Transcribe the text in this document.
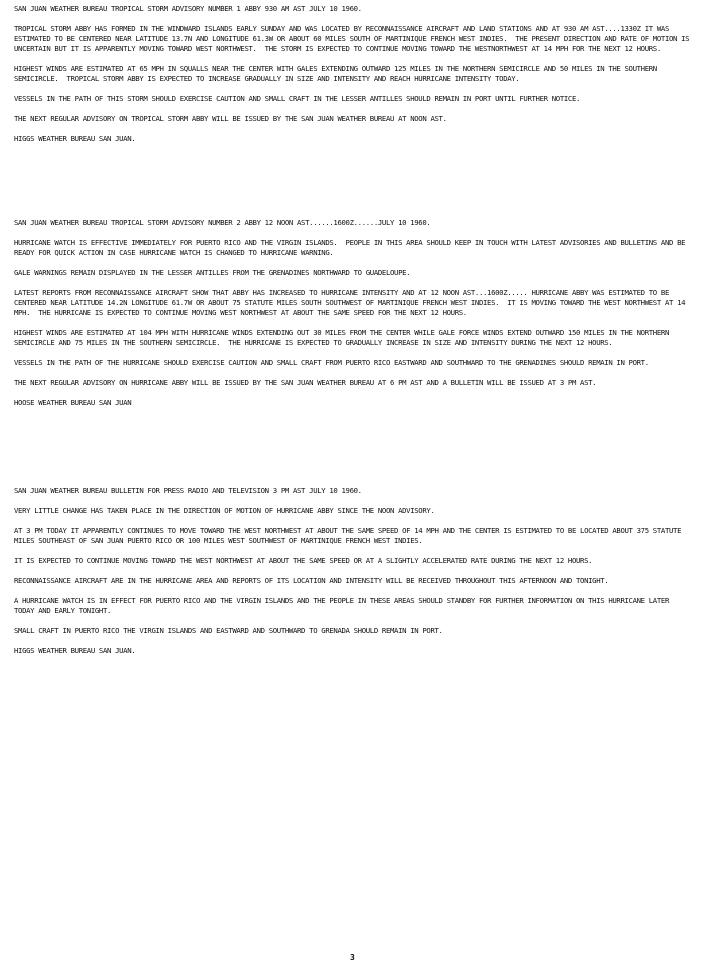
SAN JUAN WEATHER BUREAU TROPICAL STORM ADVISORY NUMBER 1 ABBY 930 AM AST JULY 10 1960.

TROPICAL STORM ABBY HAS FORMED IN THE WINDWARD ISLANDS EARLY SUNDAY AND WAS LOCATED BY RECONNAISSANCE AIRCRAFT AND LAND STATIONS AND AT 930 AM AST....1330Z IT WAS ESTIMATED TO BE CENTERED NEAR LATITUDE 13.7N AND LONGITUDE 61.3W OR ABOUT 60 MILES SOUTH OF MARTINIQUE FRENCH WEST INDIES.  THE PRESENT DIRECTION AND RATE OF MOTION IS UNCERTAIN BUT IT IS APPARENTLY MOVING TOWARD WEST NORTHWEST.  THE STORM IS EXPECTED TO CONTINUE MOVING TOWARD THE WESTNORTHWEST AT 14 MPH FOR THE NEXT 12 HOURS.

HIGHEST WINDS ARE ESTIMATED AT 65 MPH IN SQUALLS NEAR THE CENTER WITH GALES EXTENDING OUTWARD 125 MILES IN THE NORTHERN SEMICIRCLE AND 50 MILES IN THE SOUTHERN SEMICIRCLE.  TROPICAL STORM ABBY IS EXPECTED TO INCREASE GRADUALLY IN SIZE AND INTENSITY AND REACH HURRICANE INTENSITY TODAY.

VESSELS IN THE PATH OF THIS STORM SHOULD EXERCISE CAUTION AND SMALL CRAFT IN THE LESSER ANTILLES SHOULD REMAIN IN PORT UNTIL FURTHER NOTICE.

THE NEXT REGULAR ADVISORY ON TROPICAL STORM ABBY WILL BE ISSUED BY THE SAN JUAN WEATHER BUREAU AT NOON AST.

HIGGS WEATHER BUREAU SAN JUAN.

SAN JUAN WEATHER BUREAU TROPICAL STORM ADVISORY NUMBER 2 ABBY 12 NOON AST......1600Z......JULY 10 1960.

HURRICANE WATCH IS EFFECTIVE IMMEDIATELY FOR PUERTO RICO AND THE VIRGIN ISLANDS.  PEOPLE IN THIS AREA SHOULD KEEP IN TOUCH WITH LATEST ADVISORIES AND BULLETINS AND BE READY FOR QUICK ACTION IN CASE HURRICANE WATCH IS CHANGED TO HURRICANE WARNING.

GALE WARNINGS REMAIN DISPLAYED IN THE LESSER ANTILLES FROM THE GRENADINES NORTHWARD TO GUADELOUPE.

LATEST REPORTS FROM RECONNAISSANCE AIRCRAFT SHOW THAT ABBY HAS INCREASED TO HURRICANE INTENSITY AND AT 12 NOON AST...1600Z..... HURRICANE ABBY WAS ESTIMATED TO BE CENTERED NEAR LATITUDE 14.2N LONGITUDE 61.7W OR ABOUT 75 STATUTE MILES SOUTH SOUTHWEST OF MARTINIQUE FRENCH WEST INDIES.  IT IS MOVING TOWARD THE WEST NORTHWEST AT 14 MPH.  THE HURRICANE IS EXPECTED TO CONTINUE MOVING WEST NORTHWEST AT ABOUT THE SAME SPEED FOR THE NEXT 12 HOURS.

HIGHEST WINDS ARE ESTIMATED AT 104 MPH WITH HURRICANE WINDS EXTENDING OUT 30 MILES FROM THE CENTER WHILE GALE FORCE WINDS EXTEND OUTWARD 150 MILES IN THE NORTHERN SEMICIRCLE AND 75 MILES IN THE SOUTHERN SEMICIRCLE.  THE HURRICANE IS EXPECTED TO GRADUALLY INCREASE IN SIZE AND INTENSITY DURING THE NEXT 12 HOURS.

VESSELS IN THE PATH OF THE HURRICANE SHOULD EXERCISE CAUTION AND SMALL CRAFT FROM PUERTO RICO EASTWARD AND SOUTHWARD TO THE GRENADINES SHOULD REMAIN IN PORT.

THE NEXT REGULAR ADVISORY ON HURRICANE ABBY WILL BE ISSUED BY THE SAN JUAN WEATHER BUREAU AT 6 PM AST AND A BULLETIN WILL BE ISSUED AT 3 PM AST.

HOOSE WEATHER BUREAU SAN JUAN

SAN JUAN WEATHER BUREAU BULLETIN FOR PRESS RADIO AND TELEVISION 3 PM AST JULY 10 1960.

VERY LITTLE CHANGE HAS TAKEN PLACE IN THE DIRECTION OF MOTION OF HURRICANE ABBY SINCE THE NOON ADVISORY.

AT 3 PM TODAY IT APPARENTLY CONTINUES TO MOVE TOWARD THE WEST NORTHWEST AT ABOUT THE SAME SPEED OF 14 MPH AND THE CENTER IS ESTIMATED TO BE LOCATED ABOUT 375 STATUTE MILES SOUTHEAST OF SAN JUAN PUERTO RICO OR 100 MILES WEST SOUTHWEST OF MARTINIQUE FRENCH WEST INDIES.

IT IS EXPECTED TO CONTINUE MOVING TOWARD THE WEST NORTHWEST AT ABOUT THE SAME SPEED OR AT A SLIGHTLY ACCELERATED RATE DURING THE NEXT 12 HOURS.

RECONNAISSANCE AIRCRAFT ARE IN THE HURRICANE AREA AND REPORTS OF ITS LOCATION AND INTENSITY WILL BE RECEIVED THROUGHOUT THIS AFTERNOON AND TONIGHT.

A HURRICANE WATCH IS IN EFFECT FOR PUERTO RICO AND THE VIRGIN ISLANDS AND THE PEOPLE IN THESE AREAS SHOULD STANDBY FOR FURTHER INFORMATION ON THIS HURRICANE LATER TODAY AND EARLY TONIGHT.

SMALL CRAFT IN PUERTO RICO THE VIRGIN ISLANDS AND EASTWARD AND SOUTHWARD TO GRENADA SHOULD REMAIN IN PORT.

HIGGS WEATHER BUREAU SAN JUAN.

3
